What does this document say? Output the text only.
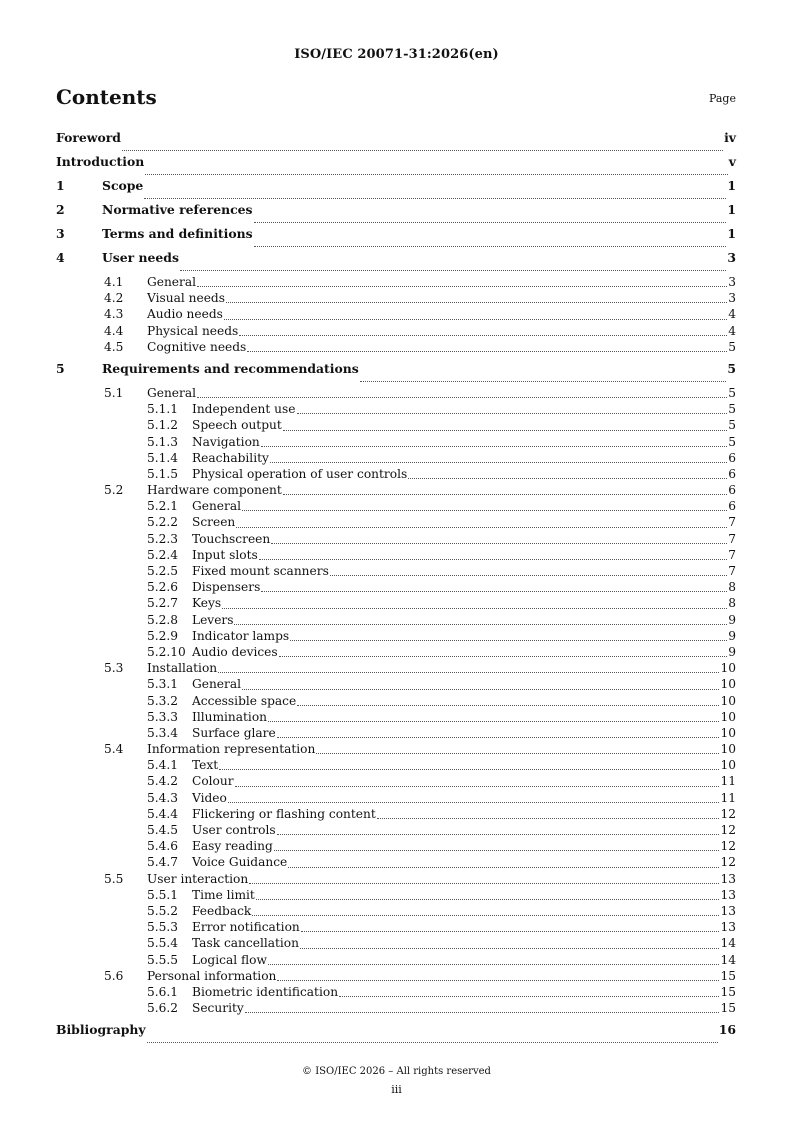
ISO/IEC 20071-31:2026(en)
Contents	Page
Foreword	iv
Introduction	v
1	Scope	1
2	Normative references	1
3	Terms and definitions	1
4	User needs	3
4.1	General	3
4.2	Visual needs	3
4.3	Audio needs	4
4.4	Physical needs	4
4.5	Cognitive needs	5
5	Requirements and recommendations	5
5.1	General	5
5.1.1	Independent use	5
5.1.2	Speech output	5
5.1.3	Navigation	5
5.1.4	Reachability	6
5.1.5	Physical operation of user controls	6
5.2	Hardware component	6
5.2.1	General	6
5.2.2	Screen	7
5.2.3	Touchscreen	7
5.2.4	Input slots	7
5.2.5	Fixed mount scanners	7
5.2.6	Dispensers	8
5.2.7	Keys	8
5.2.8	Levers	9
5.2.9	Indicator lamps	9
5.2.10 Audio devices	9
5.3	Installation	10
5.3.1	General	10
5.3.2	Accessible space	10
5.3.3	Illumination	10
5.3.4	Surface glare	10
5.4	Information representation	10
5.4.1	Text	10
5.4.2	Colour	11
5.4.3	Video	11
5.4.4	Flickering or flashing content	12
5.4.5	User controls	12
5.4.6	Easy reading	12
5.4.7	Voice Guidance	12
5.5	User interaction	13
5.5.1	Time limit	13
5.5.2	Feedback	13
5.5.3	Error notification	13
5.5.4	Task cancellation	14
5.5.5	Logical flow	14
5.6	Personal information	15
5.6.1	Biometric identification	15
5.6.2	Security	15
Bibliography	16
© ISO/IEC 2026 – All rights reserved
iii
